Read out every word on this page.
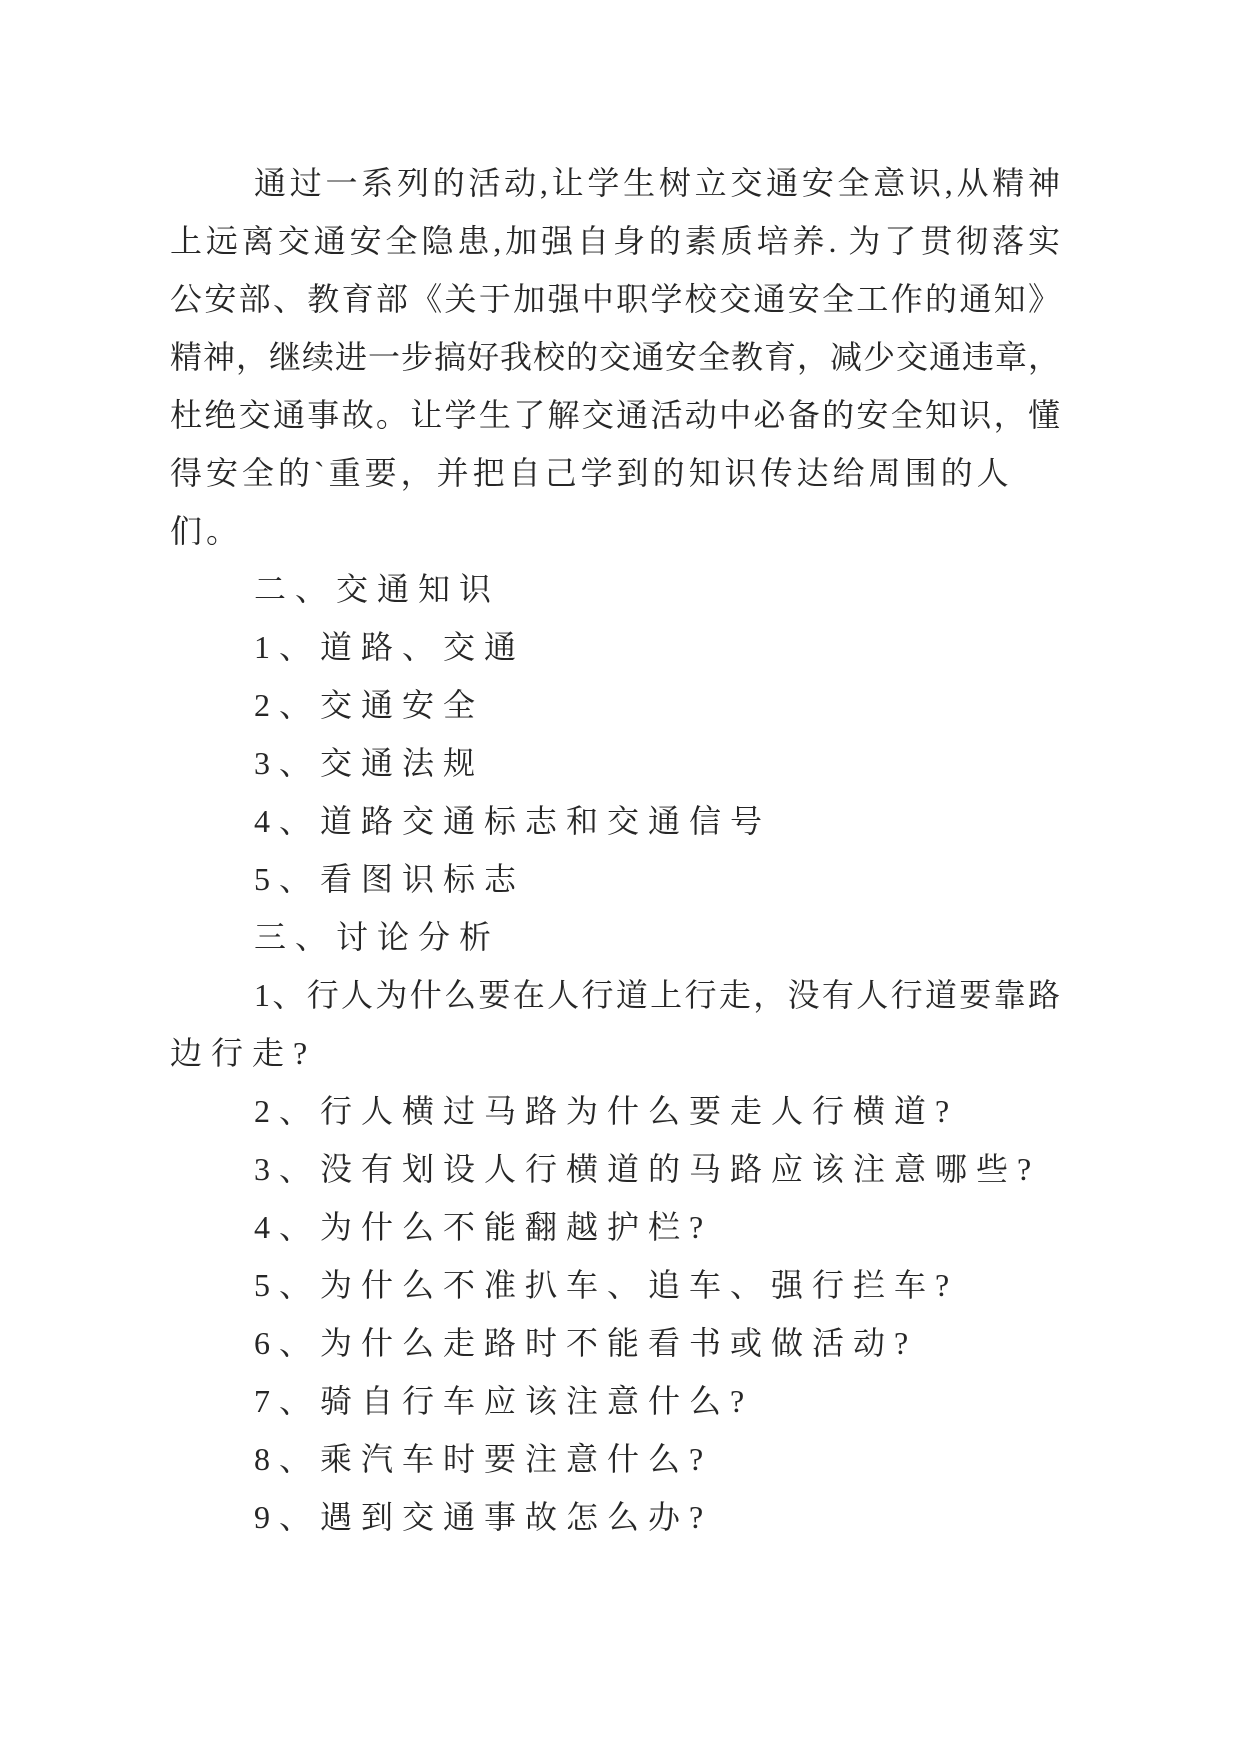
通过一系列的活动,让学生树立交通安全意识,从精神
上远离交通安全隐患,加强自身的素质培养. 为了贯彻落实
公安部、教育部《关于加强中职学校交通安全工作的通知》
精神，继续进一步搞好我校的交通安全教育，减少交通违章，
杜绝交通事故。让学生了解交通活动中必备的安全知识，懂
得安全的`重要，并把自己学到的知识传达给周围的人们。
二、交通知识
1、道路、交通
2、交通安全
3、交通法规
4、道路交通标志和交通信号
5、看图识标志
三、讨论分析
1、行人为什么要在人行道上行走，没有人行道要靠路
边行走?
2、行人横过马路为什么要走人行横道?
3、没有划设人行横道的马路应该注意哪些?
4、为什么不能翻越护栏?
5、为什么不准扒车、追车、强行拦车?
6、为什么走路时不能看书或做活动?
7、骑自行车应该注意什么?
8、乘汽车时要注意什么?
9、遇到交通事故怎么办?
